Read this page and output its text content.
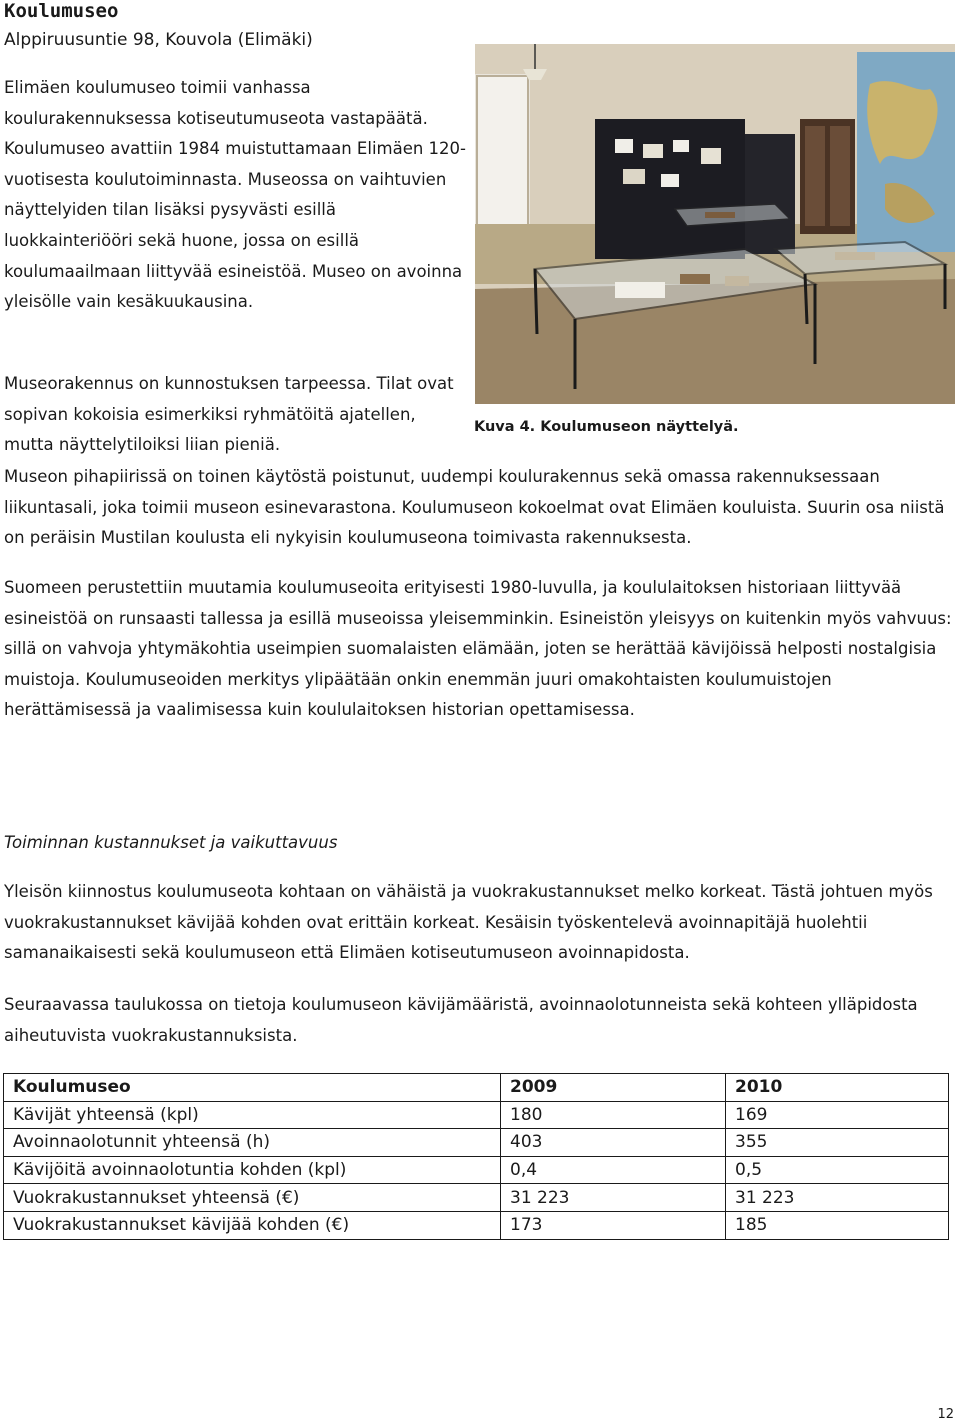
Koulumuseo
Alppiruusuntie 98, Kouvola (Elimäki)

Elimäen koulumuseo toimii vanhassa koulurakennuksessa kotiseutumuseota vastapäätä. Koulumuseo avattiin 1984 muistuttamaan Elimäen 120-vuotisesta koulutoiminnasta. Museossa on vaihtuvien näyttelyiden tilan lisäksi pysyvästi esillä luokkainteriööri sekä huone, jossa on esillä koulumaailmaan liittyvää esineistöä. Museo on avoinna yleisölle vain kesäkuukausina.

Museorakennus on kunnostuksen tarpeessa. Tilat ovat sopivan kokoisia esimerkiksi ryhmätöitä ajatellen, mutta näyttelytiloiksi liian pieniä.

Kuva 4. Koulumuseon näyttelyä.

Museon pihapiirissä on toinen käytöstä poistunut, uudempi koulurakennus sekä omassa rakennuksessaan liikuntasali, joka toimii museon esinevarastona. Koulumuseon kokoelmat ovat Elimäen kouluista. Suurin osa niistä on peräisin Mustilan koulusta eli nykyisin koulumuseona toimivasta rakennuksesta.

Suomeen perustettiin muutamia koulumuseoita erityisesti 1980-luvulla, ja koululaitoksen historiaan liittyvää esineistöä on runsaasti tallessa ja esillä museoissa yleisemminkin. Esineistön yleisyys on kuitenkin myös vahvuus: sillä on vahvoja yhtymäkohtia useimpien suomalaisten elämään, joten se herättää kävijöissä helposti nostalgisia muistoja. Koulumuseoiden merkitys ylipäätään onkin enemmän juuri omakohtaisten koulumuistojen herättämisessä ja vaalimisessa kuin koululaitoksen historian opettamisessa.

Toiminnan kustannukset ja vaikuttavuus

Yleisön kiinnostus koulumuseota kohtaan on vähäistä ja vuokrakustannukset melko korkeat. Tästä johtuen myös vuokrakustannukset kävijää kohden ovat erittäin korkeat. Kesäisin työskentelevä avoinnapitäjä huolehtii samanaikaisesti sekä koulumuseon että Elimäen kotiseutumuseon avoinnapidosta.

Seuraavassa taulukossa on tietoja koulumuseon kävijämääristä, avoinnaolotunneista sekä kohteen ylläpidosta aiheutuvista vuokrakustannuksista.

Koulumuseo	2009	2010
Kävijät yhteensä (kpl)	180	169
Avoinnaolotunnit yhteensä (h)	403	355
Kävijöitä avoinnaolotuntia kohden (kpl)	0,4	0,5
Vuokrakustannukset yhteensä (€)	31 223	31 223
Vuokrakustannukset kävijää kohden (€)	173	185
12
